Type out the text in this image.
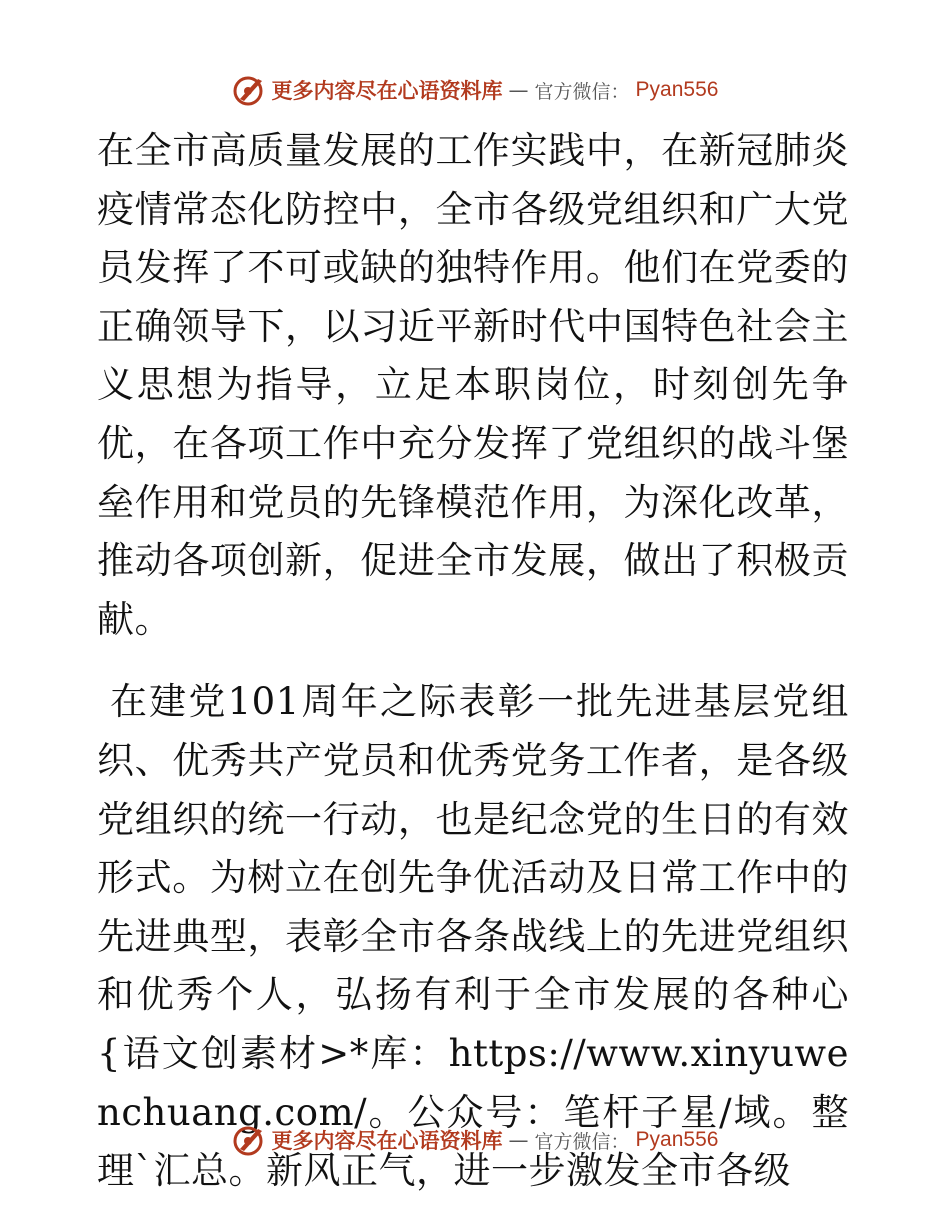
更多内容尽在心语资料库 — 官方微信： Pyan556

在全市高质量发展的工作实践中，在新冠肺炎疫情常态化防控中，全市各级党组织和广大党员发挥了不可或缺的独特作用。他们在党委的正确领导下，以习近平新时代中国特色社会主义思想为指导，立足本职岗位，时刻创先争优，在各项工作中充分发挥了党组织的战斗堡垒作用和党员的先锋模范作用，为深化改革，推动各项创新，促进全市发展，做出了积极贡献。

在建党101周年之际表彰一批先进基层党组织、优秀共产党员和优秀党务工作者，是各级党组织的统一行动，也是纪念党的生日的有效形式。为树立在创先争优活动及日常工作中的先进典型，表彰全市各条战线上的先进党组织和优秀个人，弘扬有利于全市发展的各种心{语文创素材>*库：https://www.xinyuwenchuang.com/。公众号：笔杆子星/域。整理`汇总。新风正气，进一步激发全市各级

更多内容尽在心语资料库 — 官方微信： Pyan556
